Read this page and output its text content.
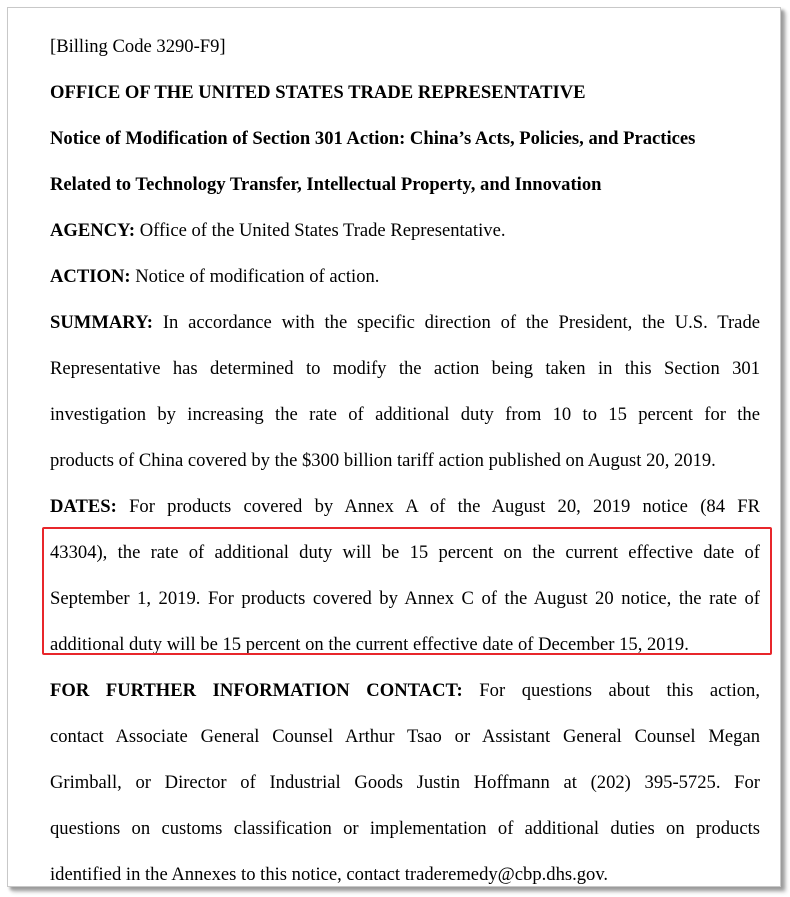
[Billing Code 3290-F9]
OFFICE OF THE UNITED STATES TRADE REPRESENTATIVE
Notice of Modification of Section 301 Action: China’s Acts, Policies, and Practices
Related to Technology Transfer, Intellectual Property, and Innovation
AGENCY: Office of the United States Trade Representative.
ACTION: Notice of modification of action.
SUMMARY: In accordance with the specific direction of the President, the U.S. Trade
Representative has determined to modify the action being taken in this Section 301
investigation by increasing the rate of additional duty from 10 to 15 percent for the
products of China covered by the $300 billion tariff action published on August 20, 2019.
DATES: For products covered by Annex A of the August 20, 2019 notice (84 FR
43304), the rate of additional duty will be 15 percent on the current effective date of
September 1, 2019. For products covered by Annex C of the August 20 notice, the rate of
additional duty will be 15 percent on the current effective date of December 15, 2019.
FOR FURTHER INFORMATION CONTACT: For questions about this action,
contact Associate General Counsel Arthur Tsao or Assistant General Counsel Megan
Grimball, or Director of Industrial Goods Justin Hoffmann at (202) 395-5725. For
questions on customs classification or implementation of additional duties on products
identified in the Annexes to this notice, contact traderemedy@cbp.dhs.gov.
